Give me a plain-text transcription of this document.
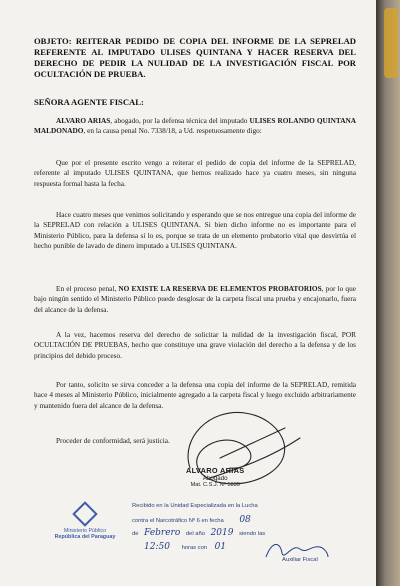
OBJETO: REITERAR PEDIDO DE COPIA DEL INFORME DE LA SEPRELAD REFERENTE AL IMPUTADO ULISES QUINTANA Y HACER RESERVA DEL DERECHO DE PEDIR LA NULIDAD DE LA INVESTIGACIÓN FISCAL POR OCULTACIÓN DE PRUEBA.
SEÑORA AGENTE FISCAL:
ALVARO ARIAS, abogado, por la defensa técnica del imputado ULISES ROLANDO QUINTANA MALDONADO, en la causa penal No. 7338/18, a Ud. respetuosamente digo:
Que por el presente escrito vengo a reiterar el pedido de copia del informe de la SEPRELAD, referente al imputado ULISES QUINTANA, que hemos realizado hace ya cuatro meses, sin ninguna respuesta formal hasta la fecha.
Hace cuatro meses que venimos solicitando y esperando que se nos entregue una copia del informe de la SEPRELAD con relación a ULISES QUINTANA. Si bien dicho informe no es importante para el Ministerio Público, para la defensa sí lo es, porque se trata de un elemento probatorio vital que desvirtúa el hecho punible de lavado de dinero imputado a ULISES QUINTANA.
En el proceso penal, NO EXISTE LA RESERVA DE ELEMENTOS PROBATORIOS, por lo que bajo ningún sentido el Ministerio Público puede desglosar de la carpeta fiscal una prueba y encajonarlo, fuera del alcance de la defensa.
A la vez, hacemos reserva del derecho de solicitar la nulidad de la investigación fiscal, POR OCULTACIÓN DE PRUEBAS, hecho que constituye una grave violación del derecho a la defensa y de los principios del debido proceso.
Por tanto, solicito se sirva conceder a la defensa una copia del informe de la SEPRELAD, remitida hace 4 meses al Ministerio Público, inicialmente agregado a la carpeta fiscal y luego excluido arbitrariamente y mantenido fuera del alcance de la defensa.
Proceder de conformidad, será justicia.
ALVARO ARIAS
Abogado
Mat. C.S.J. Nº 5835
Ministerio Público
República del Paraguay
Recibido en la Unidad Especializada en la Lucha
contra el Narcotráfico Nº 6 en fecha 08
de Febrero del año 2019 siendo las
12:50 horas con 01
Auxiliar Fiscal
